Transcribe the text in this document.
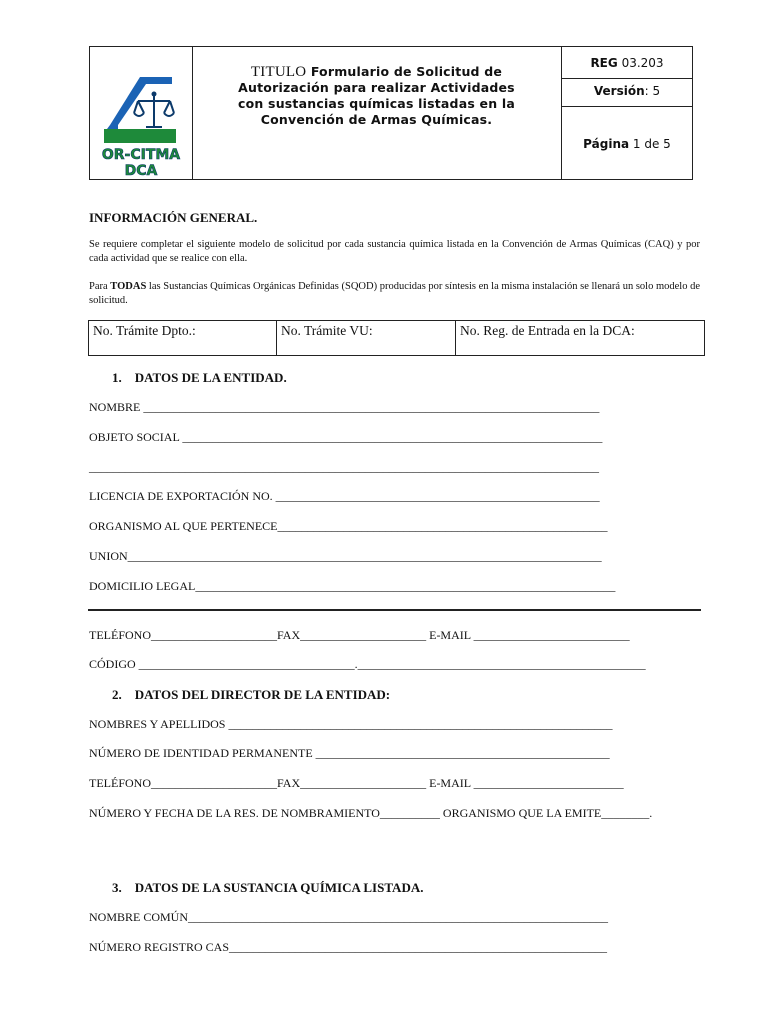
OR-CITMA
DCA
TITULO Formulario de Solicitud de
Autorización para realizar Actividades
con sustancias químicas listadas en la
Convención de Armas Químicas.
REG 03.203
Versión: 5
Página 1 de 5
INFORMACIÓN GENERAL.
Se requiere completar el siguiente modelo de solicitud por cada sustancia química listada en la Convención de Armas Químicas (CAQ) y por cada actividad que se realice con ella.
Para TODAS las Sustancias Químicas Orgánicas Definidas (SQOD) producidas por síntesis en la misma instalación se llenará un solo modelo de solicitud.
No. Trámite Dpto.:	No. Trámite VU:	No. Reg. de Entrada en la DCA:
1. DATOS DE LA ENTIDAD.
NOMBRE ____________________________________________________________________________
OBJETO SOCIAL ______________________________________________________________________
_____________________________________________________________________________________
LICENCIA DE EXPORTACIÓN NO. ______________________________________________________
ORGANISMO AL QUE PERTENECE_______________________________________________________
UNION_______________________________________________________________________________
DOMICILIO LEGAL______________________________________________________________________
TELÉFONO_____________________FAX_____________________ E-MAIL __________________________
CÓDIGO ____________________________________.________________________________________________
2. DATOS DEL DIRECTOR DE LA ENTIDAD:
NOMBRES Y APELLIDOS ________________________________________________________________
NÚMERO DE IDENTIDAD PERMANENTE _________________________________________________
TELÉFONO_____________________FAX_____________________ E-MAIL _________________________
NÚMERO Y FECHA DE LA RES. DE NOMBRAMIENTO__________ ORGANISMO QUE LA EMITE________.
3. DATOS DE LA SUSTANCIA QUÍMICA LISTADA.
NOMBRE COMÚN______________________________________________________________________
NÚMERO REGISTRO CAS_______________________________________________________________
